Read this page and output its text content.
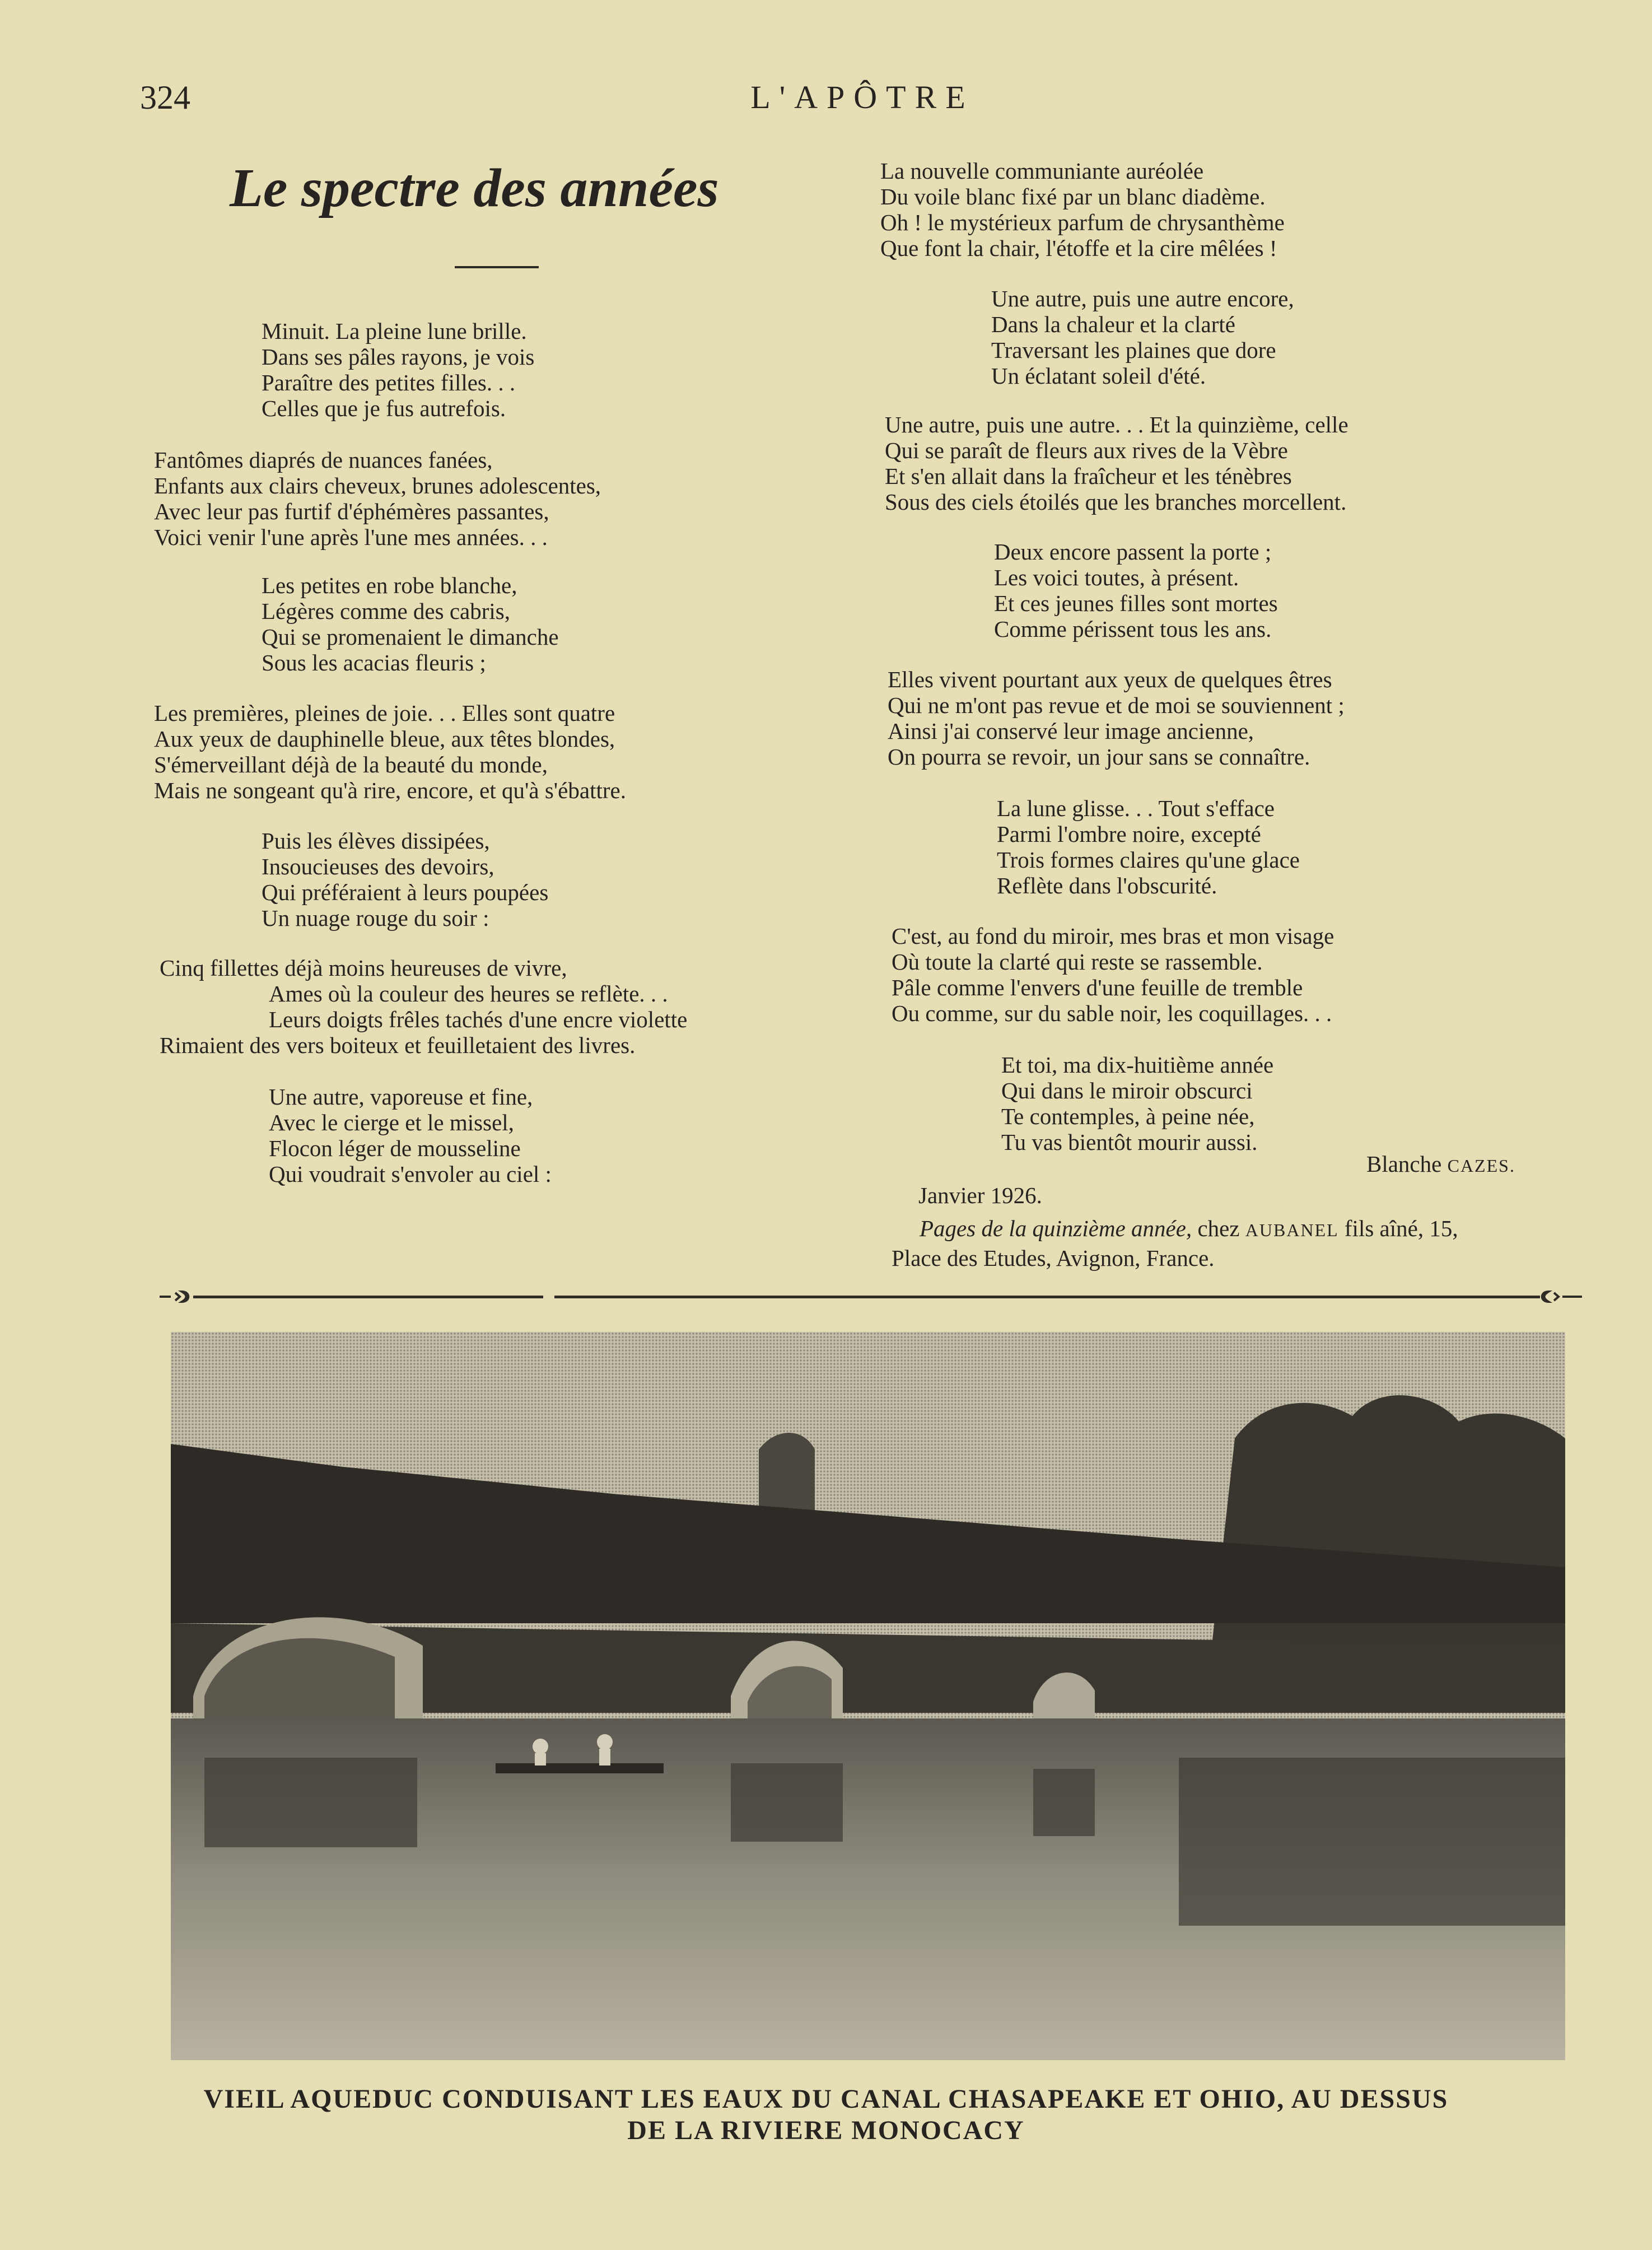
324	L'APÔTRE
Le spectre des années
Minuit. La pleine lune brille.
Dans ses pâles rayons, je vois
Paraître des petites filles. . .
Celles que je fus autrefois.
Fantômes diaprés de nuances fanées,
Enfants aux clairs cheveux, brunes adolescentes,
Avec leur pas furtif d'éphémères passantes,
Voici venir l'une après l'une mes années. . .
Les petites en robe blanche,
Légères comme des cabris,
Qui se promenaient le dimanche
Sous les acacias fleuris ;
Les premières, pleines de joie. . . Elles sont quatre
Aux yeux de dauphinelle bleue, aux têtes blondes,
S'émerveillant déjà de la beauté du monde,
Mais ne songeant qu'à rire, encore, et qu'à s'ébattre.
Puis les élèves dissipées,
Insoucieuses des devoirs,
Qui préféraient à leurs poupées
Un nuage rouge du soir :
Cinq fillettes déjà moins heureuses de vivre,
Ames où la couleur des heures se reflète. . .
Leurs doigts frêles tachés d'une encre violette
Rimaient des vers boiteux et feuilletaient des livres.
Une autre, vaporeuse et fine,
Avec le cierge et le missel,
Flocon léger de mousseline
Qui voudrait s'envoler au ciel :
La nouvelle communiante auréolée
Du voile blanc fixé par un blanc diadème.
Oh ! le mystérieux parfum de chrysanthème
Que font la chair, l'étoffe et la cire mêlées !
Une autre, puis une autre encore,
Dans la chaleur et la clarté
Traversant les plaines que dore
Un éclatant soleil d'été.
Une autre, puis une autre. . . Et la quinzième, celle
Qui se paraît de fleurs aux rives de la Vèbre
Et s'en allait dans la fraîcheur et les ténèbres
Sous des ciels étoilés que les branches morcellent.
Deux encore passent la porte ;
Les voici toutes, à présent.
Et ces jeunes filles sont mortes
Comme périssent tous les ans.
Elles vivent pourtant aux yeux de quelques êtres
Qui ne m'ont pas revue et de moi se souviennent ;
Ainsi j'ai conservé leur image ancienne,
On pourra se revoir, un jour sans se connaître.
La lune glisse. . . Tout s'efface
Parmi l'ombre noire, excepté
Trois formes claires qu'une glace
Reflète dans l'obscurité.
C'est, au fond du miroir, mes bras et mon visage
Où toute la clarté qui reste se rassemble.
Pâle comme l'envers d'une feuille de tremble
Ou comme, sur du sable noir, les coquillages. . .
Et toi, ma dix-huitième année
Qui dans le miroir obscurci
Te contemples, à peine née,
Tu vas bientôt mourir aussi.
Blanche CAZES.
Janvier 1926.
Pages de la quinzième année, chez AUBANEL fils aîné, 15,
Place des Etudes, Avignon, France.
VIEIL AQUEDUC CONDUISANT LES EAUX DU CANAL CHASAPEAKE ET OHIO, AU DESSUS
DE LA RIVIERE MONOCACY
